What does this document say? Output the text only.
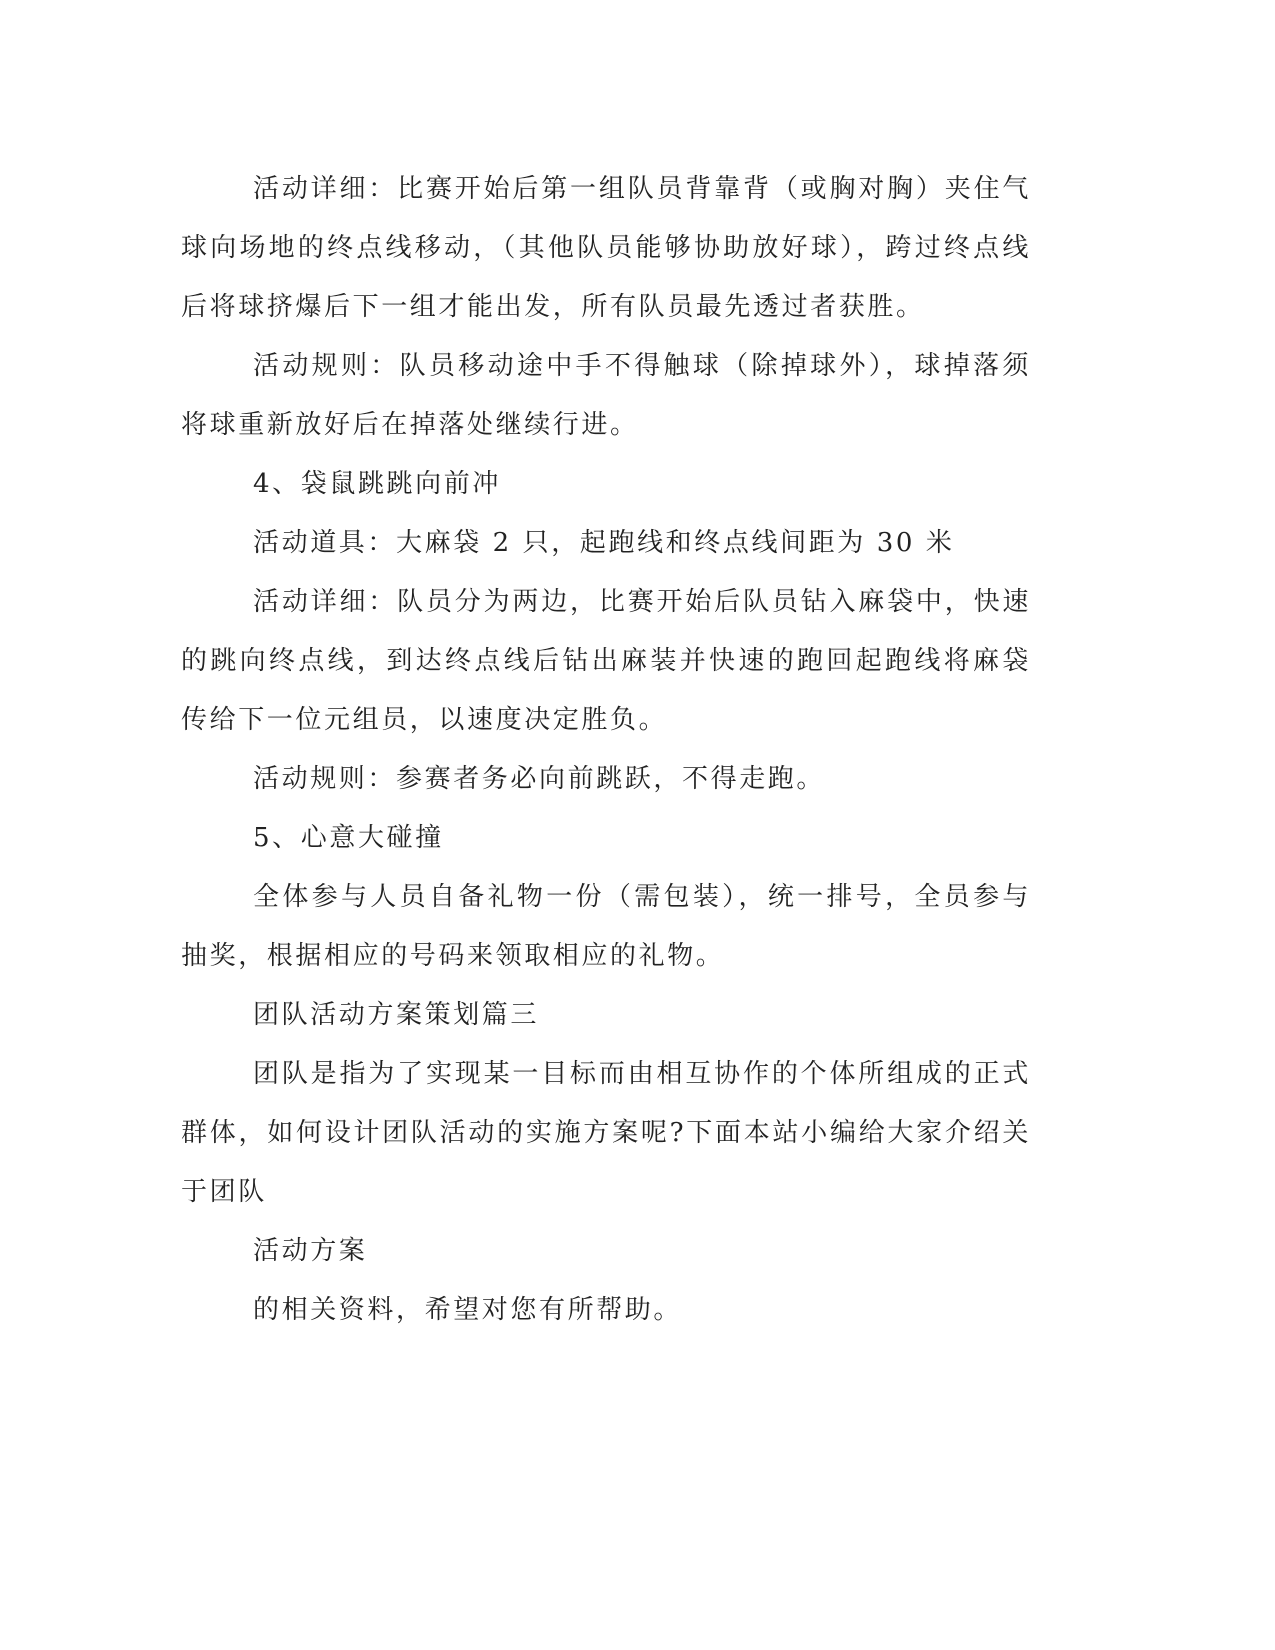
活动详细：比赛开始后第一组队员背靠背（或胸对胸）夹住气球向场地的终点线移动，（其他队员能够协助放好球），跨过终点线后将球挤爆后下一组才能出发，所有队员最先透过者获胜。

活动规则：队员移动途中手不得触球（除掉球外），球掉落须将球重新放好后在掉落处继续行进。

4、袋鼠跳跳向前冲

活动道具：大麻袋 2 只，起跑线和终点线间距为 30 米

活动详细：队员分为两边，比赛开始后队员钻入麻袋中，快速的跳向终点线，到达终点线后钻出麻装并快速的跑回起跑线将麻袋传给下一位元组员，以速度决定胜负。

活动规则：参赛者务必向前跳跃，不得走跑。

5、心意大碰撞

全体参与人员自备礼物一份（需包装），统一排号，全员参与抽奖，根据相应的号码来领取相应的礼物。

团队活动方案策划篇三

团队是指为了实现某一目标而由相互协作的个体所组成的正式群体，如何设计团队活动的实施方案呢?下面本站小编给大家介绍关于团队

活动方案

的相关资料，希望对您有所帮助。
